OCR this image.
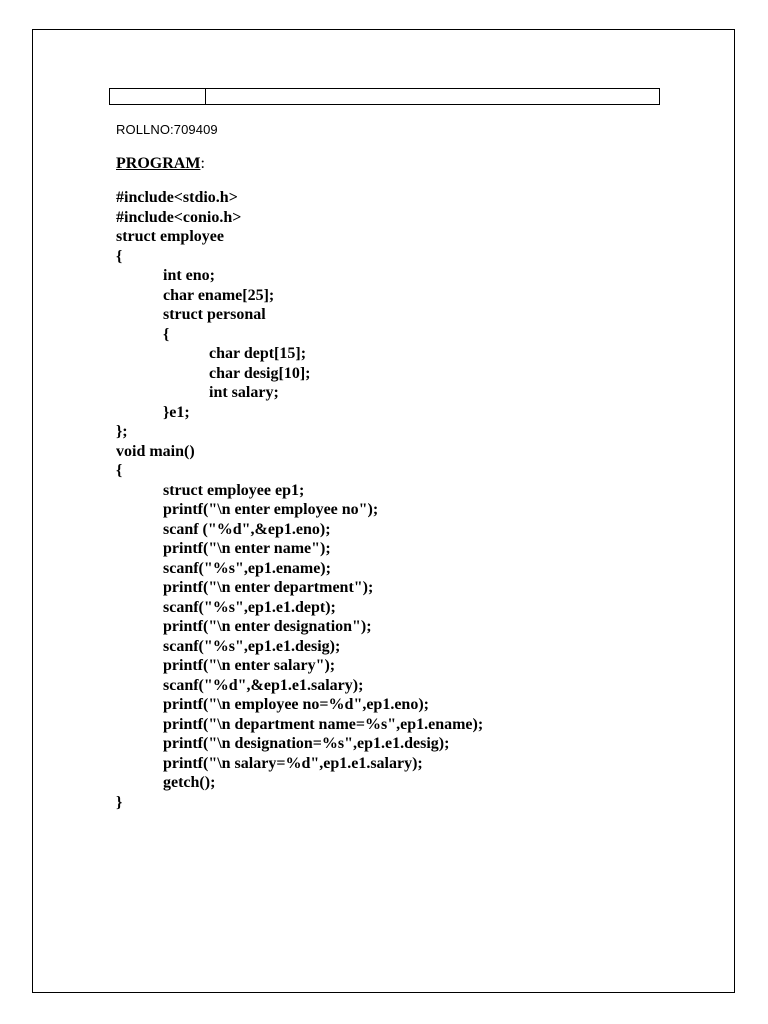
ROLLNO:709409
PROGRAM:
#include<stdio.h>
#include<conio.h>
struct employee
{
int eno;
char ename[25];
struct personal
{
char dept[15];
char desig[10];
int salary;
}e1;
};
void main()
{
struct employee ep1;
printf("\n enter employee no");
scanf ("%d",&ep1.eno);
printf("\n enter name");
scanf("%s",ep1.ename);
printf("\n enter department");
scanf("%s",ep1.e1.dept);
printf("\n enter designation");
scanf("%s",ep1.e1.desig);
printf("\n enter salary");
scanf("%d",&ep1.e1.salary);
printf("\n employee no=%d",ep1.eno);
printf("\n department name=%s",ep1.ename);
printf("\n designation=%s",ep1.e1.desig);
printf("\n salary=%d",ep1.e1.salary);
getch();
}
